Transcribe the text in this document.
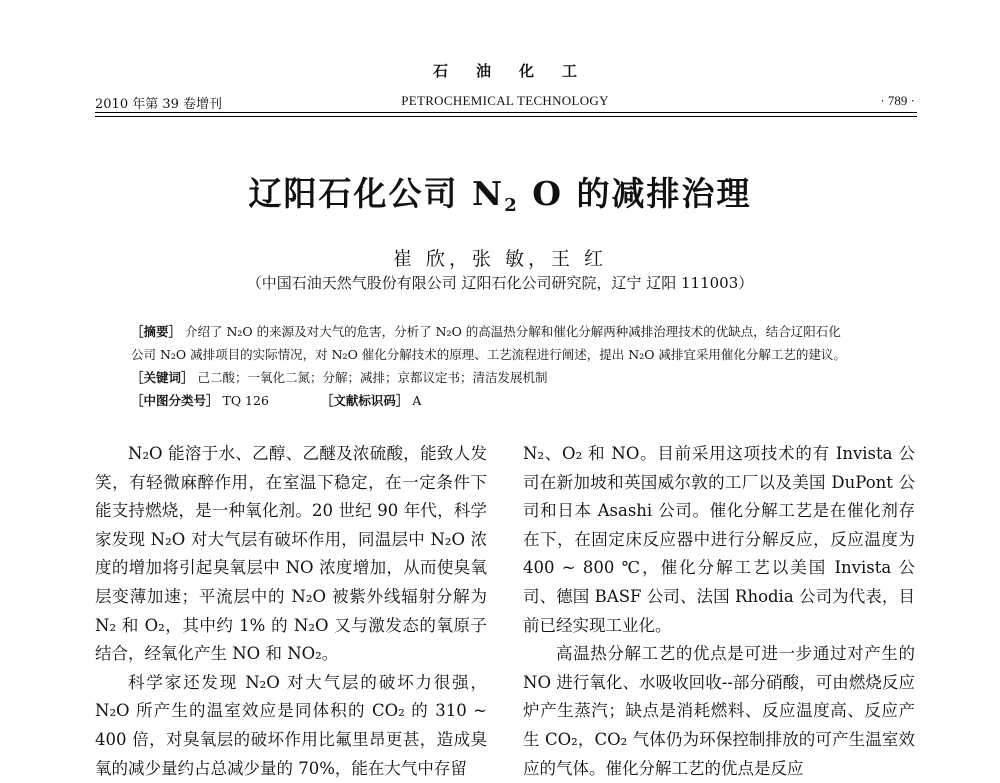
石油化工
2010 年第 39 卷增刊	PETROCHEMICAL TECHNOLOGY	· 789 ·
辽阳石化公司 $N_2$ O 的减排治理
崔 欣，张 敏，王 红
（中国石油天然气股份有限公司 辽阳石化公司研究院，辽宁 辽阳 111003）
［摘要］ 介绍了 N₂O 的来源及对大气的危害，分析了 N₂O 的高温热分解和催化分解两种减排治理技术的优缺点，结合辽阳石化
公司 N₂O 减排项目的实际情况，对 N₂O 催化分解技术的原理、工艺流程进行阐述，提出 N₂O 减排宜采用催化分解工艺的建议。
［关键词］ 己二酸；一氧化二氮；分解；减排；京都议定书；清洁发展机制
［中图分类号］ TQ 126	［文献标识码］ A

N₂O 能溶于水、乙醇、乙醚及浓硫酸，能致人发笑，有轻微麻醉作用，在室温下稳定，在一定条件下能支持燃烧，是一种氧化剂。20 世纪 90 年代，科学家发现 N₂O 对大气层有破坏作用，同温层中 N₂O 浓度的增加将引起臭氧层中 NO 浓度增加，从而使臭氧层变薄加速；平流层中的 N₂O 被紫外线辐射分解为 N₂ 和 O₂，其中约 1% 的 N₂O 又与激发态的氧原子结合，经氧化产生 NO 和 NO₂。

科学家还发现 N₂O 对大气层的破坏力很强，N₂O 所产生的温室效应是同体积的 CO₂ 的 310 ~ 400 倍，对臭氧层的破坏作用比氟里昂更甚，造成臭氧的减少量约占总减少量的 70%，能在大气中存留

N₂、O₂ 和 NO。目前采用这项技术的有 Invista 公司在新加坡和英国威尔敦的工厂以及美国 DuPont 公司和日本 Asashi 公司。催化分解工艺是在催化剂存在下，在固定床反应器中进行分解反应，反应温度为 400 ~ 800 ℃，催化分解工艺以美国 Invista 公司、德国 BASF 公司、法国 Rhodia 公司为代表，目前已经实现工业化。

高温热分解工艺的优点是可进一步通过对产生的 NO 进行氧化、水吸收回收--部分硝酸，可由燃烧反应炉产生蒸汽；缺点是消耗燃料、反应温度高、反应产生 CO₂，CO₂ 气体仍为环保控制排放的可产生温室效应的气体。催化分解工艺的优点是反应
